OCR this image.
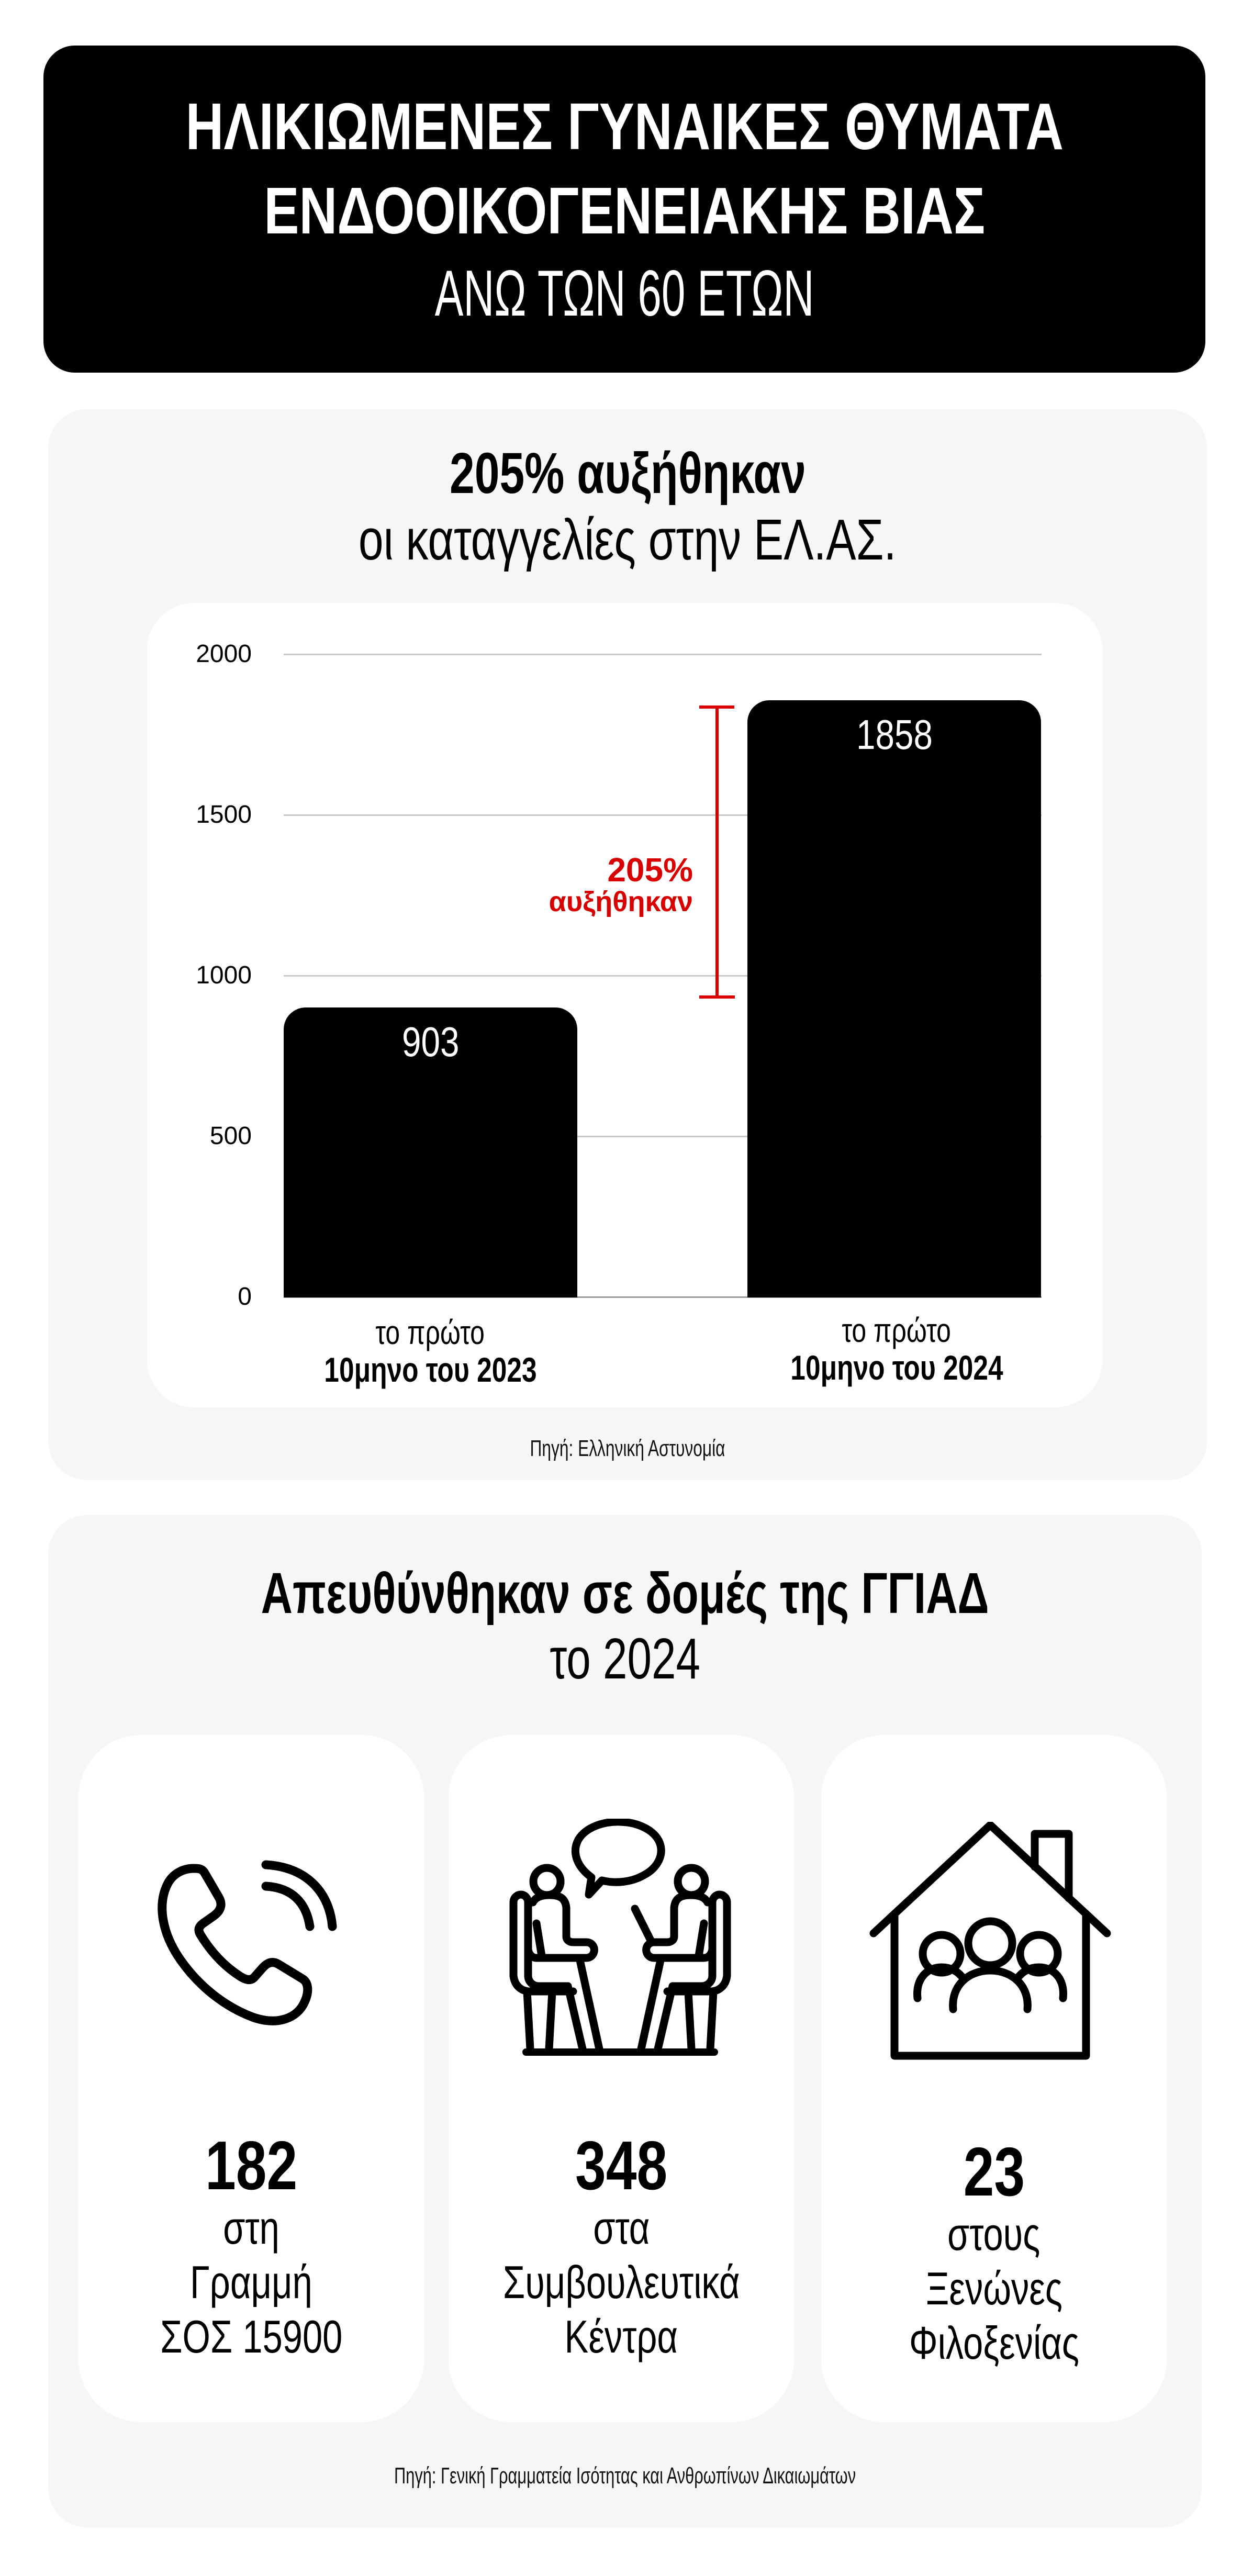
ΗΛΙΚΙΩΜΕΝΕΣ ΓΥΝΑΙΚΕΣ ΘΥΜΑΤΑ
ΕΝΔΟΟΙΚΟΓΕΝΕΙΑΚΗΣ ΒΙΑΣ
ΑΝΩ ΤΩΝ 60 ΕΤΩΝ
205% αυξήθηκαν
οι καταγγελίες στην ΕΛ.ΑΣ.
2000
1500
1000
500
0
903
1858
205%
αυξήθηκαν
το πρώτο
10μηνο του 2023
το πρώτο
10μηνο του 2024
Πηγή: Ελληνική Αστυνομία
Απευθύνθηκαν σε δομές της ΓΓΙΑΔ
το 2024
182
στη
Γραμμή
ΣΟΣ 15900
348
στα
Συμβουλευτικά
Κέντρα
23
στους
Ξενώνες
Φιλοξενίας
Πηγή: Γενική Γραμματεία Ισότητας και Ανθρωπίνων Δικαιωμάτων
